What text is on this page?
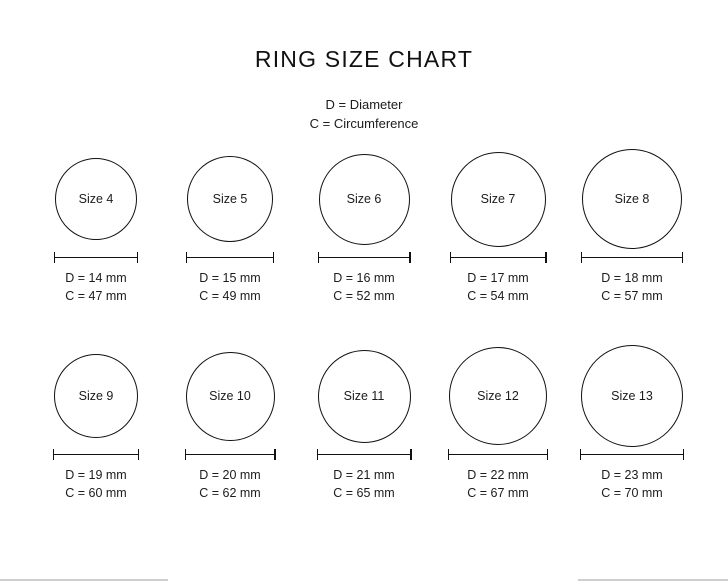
RING SIZE CHART
D = Diameter
C = Circumference
Size 4
D = 14 mm
C = 47 mm
Size 5
D = 15 mm
C = 49 mm
Size 6
D = 16 mm
C = 52 mm
Size 7
D = 17 mm
C = 54 mm
Size 8
D = 18 mm
C = 57 mm
Size 9
D = 19 mm
C = 60 mm
Size 10
D = 20 mm
C = 62 mm
Size 11
D = 21 mm
C = 65 mm
Size 12
D = 22 mm
C = 67 mm
Size 13
D = 23 mm
C = 70 mm
